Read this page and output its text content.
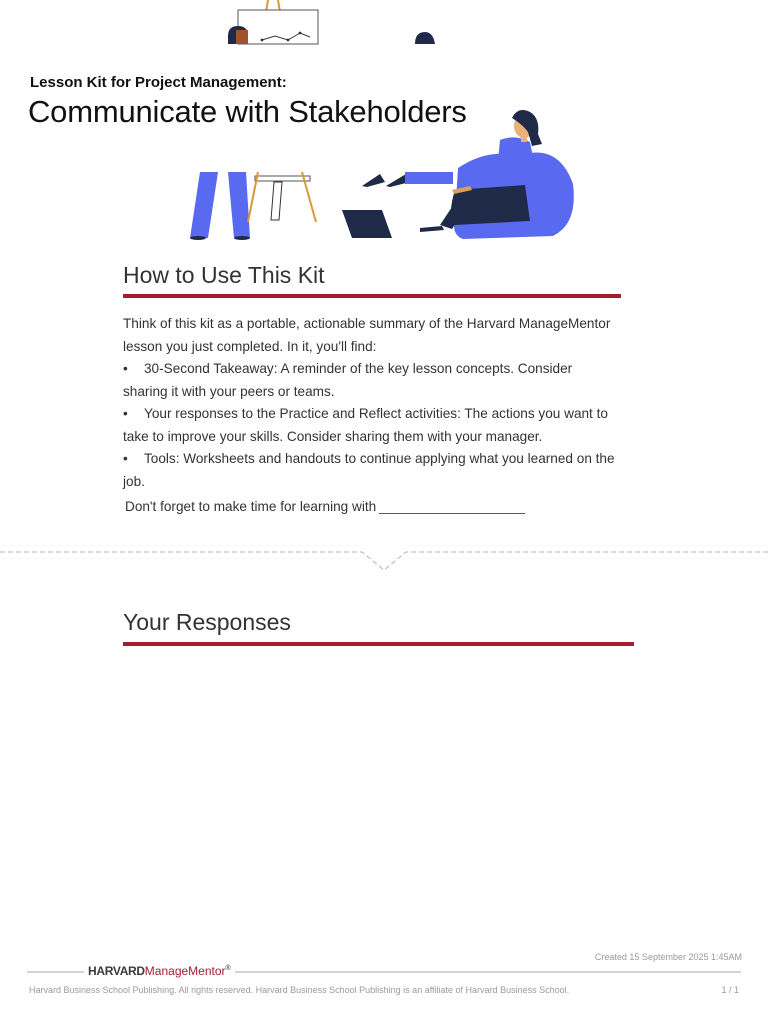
Lesson Kit for Project Management:
Communicate with Stakeholders
How to Use This Kit

Think of this kit as a portable, actionable summary of the Harvard ManageMentor lesson you just completed. In it, you'll find:

• 30-Second Takeaway: A reminder of the key lesson concepts. Consider sharing it with your peers or teams.

• Your responses to the Practice and Reflect activities: The actions you want to take to improve your skills. Consider sharing them with your manager.

• Tools: Worksheets and handouts to continue applying what you learned on the job.

Don't forget to make time for learning with
Your Responses
Created 15 September 2025 1:45AM
HARVARDManageMentor®
Harvard Business School Publishing. All rights reserved. Harvard Business School Publishing is an affiliate of Harvard Business School.	1 / 1
